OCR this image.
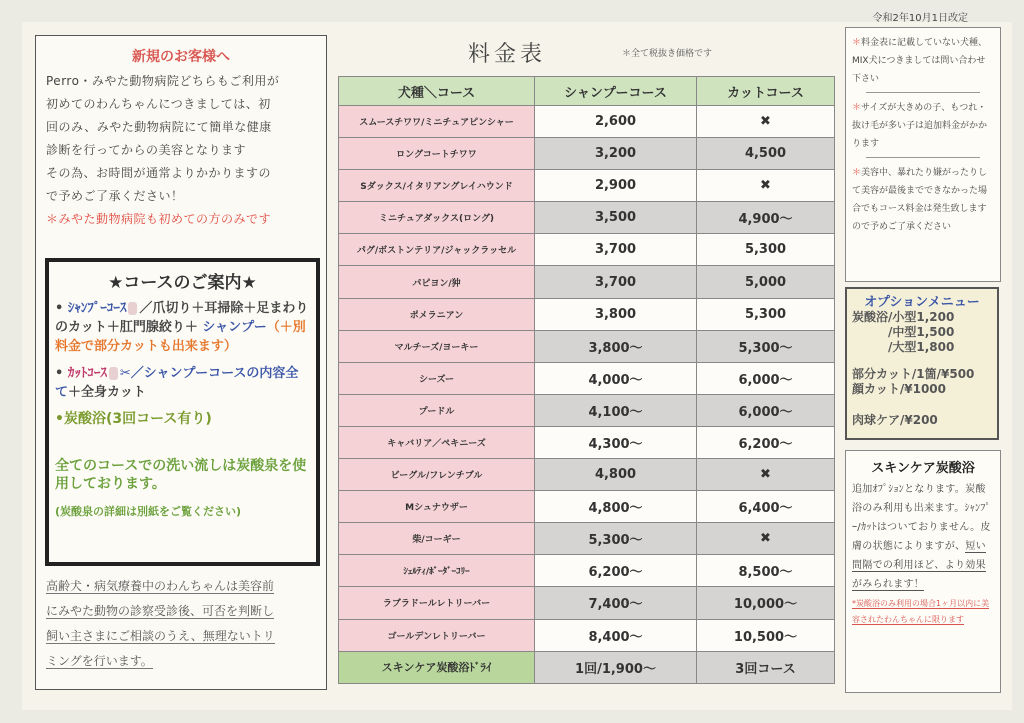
令和2年10月1日改定
新規のお客様へ
Perro・みやた動物病院どちらもご利用が
初めてのわんちゃんにつきましては、初
回のみ、みやた動物病院にて簡単な健康
診断を行ってからの美容となります
その為、お時間が通常よりかかりますの
で予めご了承ください！
＊みやた動物病院も初めての方のみです
★コースのご案内★
• ｼｬﾝﾌﾟｰｺｰｽ ／爪切り＋耳掃除＋足まわりのカット＋肛門腺絞り＋ シャンプー（＋別料金で部分カットも出来ます）
• ｶｯﾄｺｰｽ ✂／シャンプーコースの内容全て＋全身カット
•炭酸浴(3回コース有り)
全てのコースでの洗い流しは炭酸泉を使用しております。
(炭酸泉の詳細は別紙をご覧ください)
高齢犬・病気療養中のわんちゃんは美容前
にみやた動物の診察受診後、可否を判断し
飼い主さまにご相談のうえ、無理ないトリ
ミングを行います。
料金表	＊全て税抜き価格です
犬種＼コース	シャンプーコース	カットコース
スムースチワワ/ミニチュアピンシャー	2,600	✖
ロングコートチワワ	3,200	4,500
Sダックス/イタリアングレイハウンド	2,900	✖
ミニチュアダックス(ロング)	3,500	4,900〜
パグ/ボストンテリア/ジャックラッセル	3,700	5,300
パピヨン/狆	3,700	5,000
ポメラニアン	3,800	5,300
マルチーズ/ヨーキー	3,800〜	5,300〜
シーズー	4,000〜	6,000〜
プードル	4,100〜	6,000〜
キャバリア／ペキニーズ	4,300〜	6,200〜
ビーグル/フレンチブル	4,800	✖
Mシュナウザー	4,800〜	6,400〜
柴/コーギー	5,300〜	✖
ｼｪﾙﾃｨ/ﾎﾞｰﾀﾞｰｺﾘｰ	6,200〜	8,500〜
ラブラドールレトリーバー	7,400〜	10,000〜
ゴールデンレトリーバー	8,400〜	10,500〜
スキンケア炭酸浴ﾄﾞﾗｲ	1回/1,900〜	3回コース
＊料金表に記載していない犬種、MIX犬につきましては問い合わせ下さい
＊サイズが大きめの子、もつれ・抜け毛が多い子は追加料金がかかります
＊美容中、暴れたり嫌がったりして美容が最後までできなかった場合でもコース料金は発生致しますので予めご了承ください
オプションメニュー
炭酸浴/小型1,200
　　　/中型1,500
　　　/大型1,800
部分カット/1箇/¥500
顔カット/¥1000
肉球ケア/¥200
スキンケア炭酸浴
追加ｵﾌﾟｼｮﾝとなります。炭酸浴のみ利用も出来ます。ｼｬﾝﾌﾟｰ/ｶｯﾄはついておりません。皮膚の状態によりますが、短い間隔での利用ほど、より効果がみられます！
*炭酸浴のみ利用の場合1ヶ月以内に美容されたわんちゃんに限ります
